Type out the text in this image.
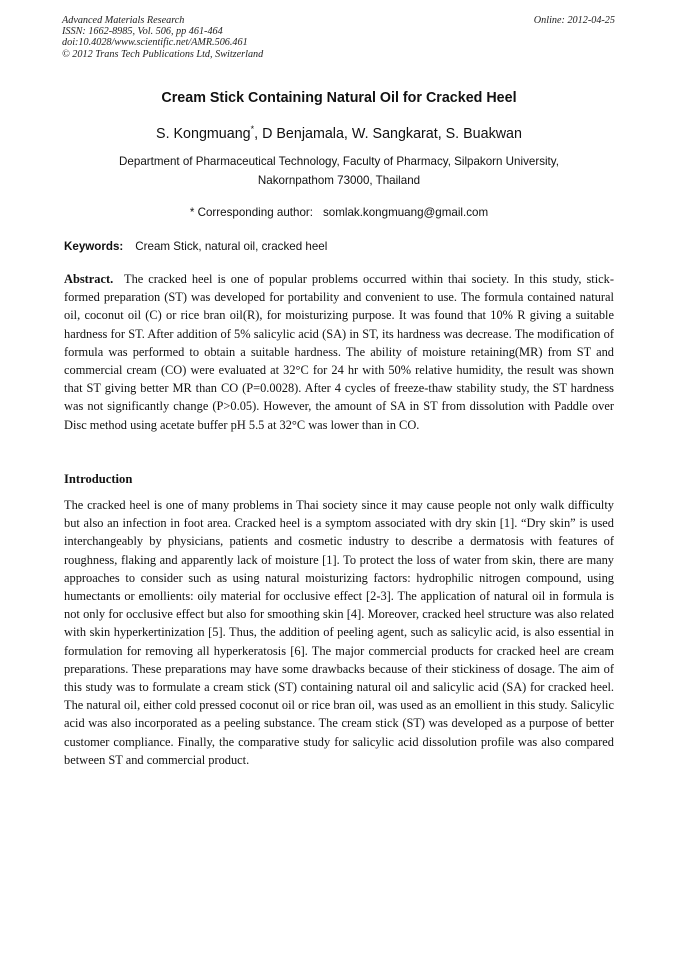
Advanced Materials Research
ISSN: 1662-8985, Vol. 506, pp 461-464
doi:10.4028/www.scientific.net/AMR.506.461
© 2012 Trans Tech Publications Ltd, Switzerland
Online: 2012-04-25
Cream Stick Containing Natural Oil for Cracked Heel
S. Kongmuang*, D Benjamala, W. Sangkarat, S. Buakwan
Department of Pharmaceutical Technology, Faculty of Pharmacy, Silpakorn University,
Nakornpathom 73000, Thailand
* Corresponding author: somlak.kongmuang@gmail.com
Keywords: Cream Stick, natural oil, cracked heel
Abstract. The cracked heel is one of popular problems occurred within thai society. In this study, stick-formed preparation (ST) was developed for portability and convenient to use. The formula contained natural oil, coconut oil (C) or rice bran oil(R), for moisturizing purpose. It was found that 10% R giving a suitable hardness for ST. After addition of 5% salicylic acid (SA) in ST, its hardness was decrease. The modification of formula was performed to obtain a suitable hardness. The ability of moisture retaining(MR) from ST and commercial cream (CO) were evaluated at 32°C for 24 hr with 50% relative humidity, the result was shown that ST giving better MR than CO (P=0.0028). After 4 cycles of freeze-thaw stability study, the ST hardness was not significantly change (P>0.05). However, the amount of SA in ST from dissolution with Paddle over Disc method using acetate buffer pH 5.5 at 32°C was lower than in CO.
Introduction
The cracked heel is one of many problems in Thai society since it may cause people not only walk difficulty but also an infection in foot area. Cracked heel is a symptom associated with dry skin [1]. “Dry skin” is used interchangeably by physicians, patients and cosmetic industry to describe a dermatosis with features of roughness, flaking and apparently lack of moisture [1]. To protect the loss of water from skin, there are many approaches to consider such as using natural moisturizing factors: hydrophilic nitrogen compound, using humectants or emollients: oily material for occlusive effect [2-3]. The application of natural oil in formula is not only for occlusive effect but also for smoothing skin [4]. Moreover, cracked heel structure was also related with skin hyperkertinization [5]. Thus, the addition of peeling agent, such as salicylic acid, is also essential in formulation for removing all hyperkeratosis [6]. The major commercial products for cracked heel are cream preparations. These preparations may have some drawbacks because of their stickiness of dosage. The aim of this study was to formulate a cream stick (ST) containing natural oil and salicylic acid (SA) for cracked heel. The natural oil, either cold pressed coconut oil or rice bran oil, was used as an emollient in this study. Salicylic acid was also incorporated as a peeling substance. The cream stick (ST) was developed as a purpose of better customer compliance. Finally, the comparative study for salicylic acid dissolution profile was also compared between ST and commercial product.
